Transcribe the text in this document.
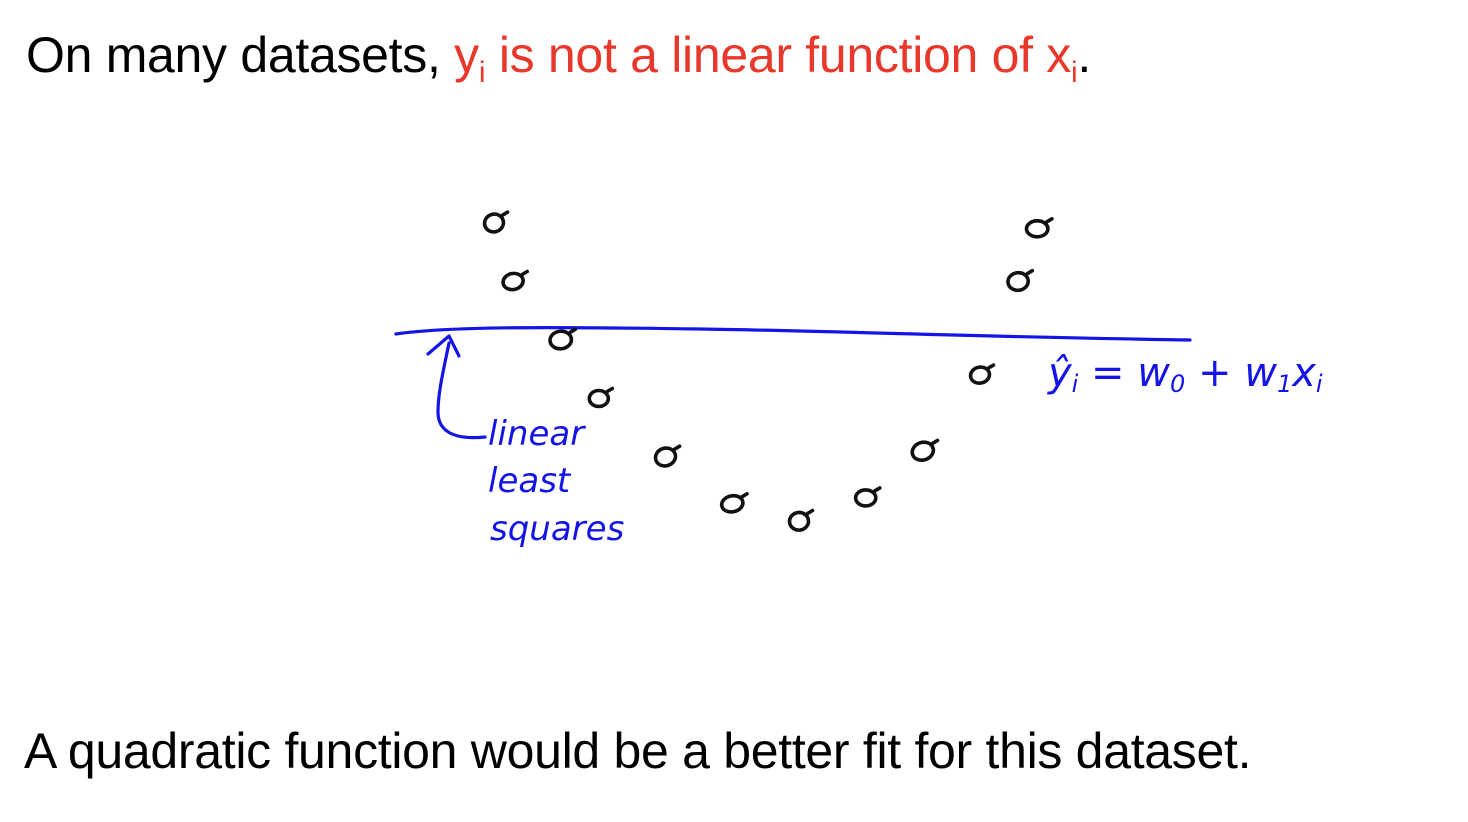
On many datasets, $y_i$ is not a linear function of $x_i$.
linear
least
squares
ŷi = w0 + w1xi
A quadratic function would be a better fit for this dataset.
